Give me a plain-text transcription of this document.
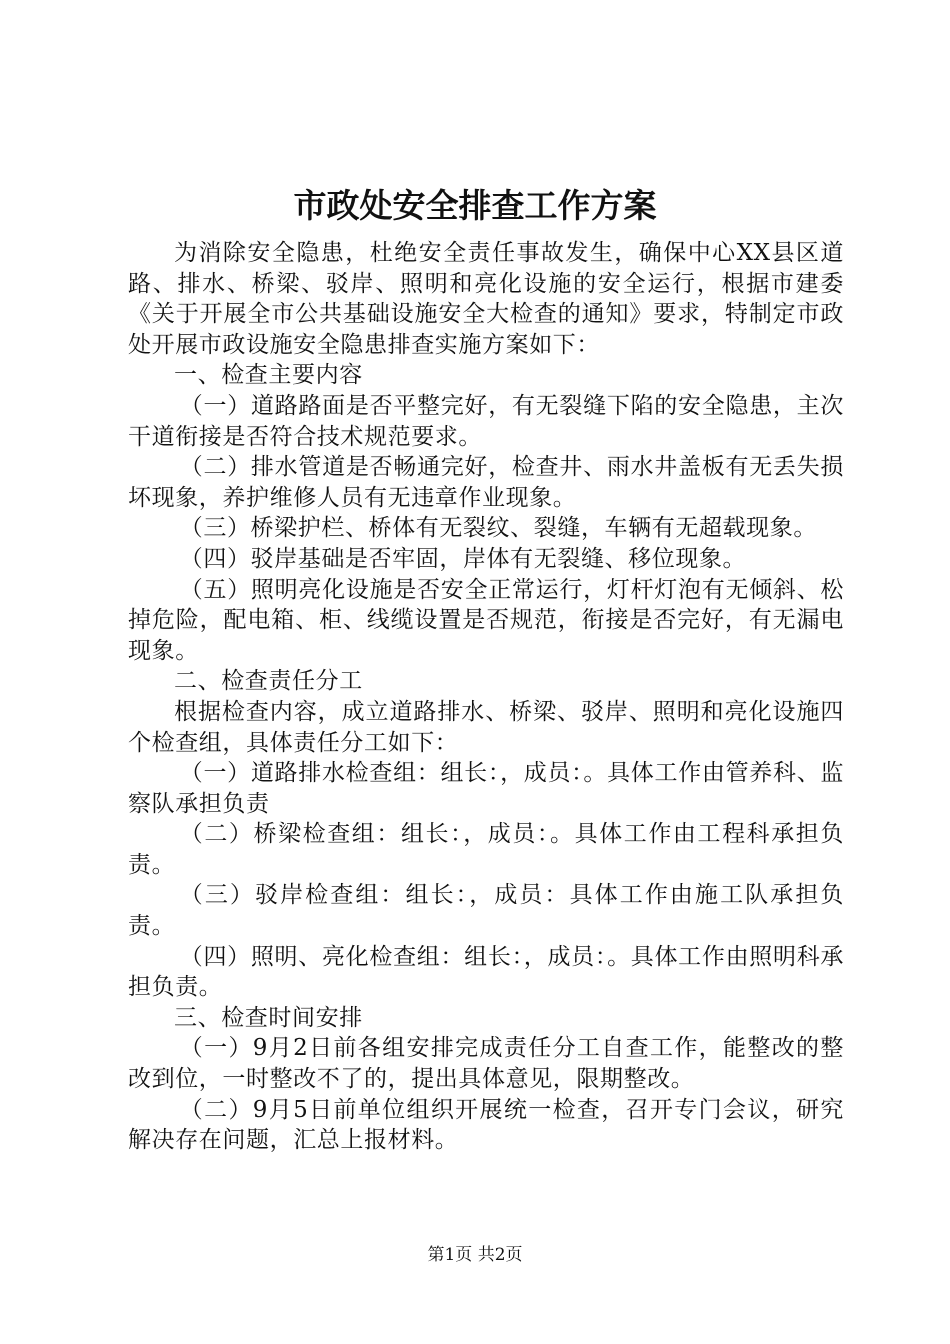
市政处安全排查工作方案

为消除安全隐患，杜绝安全责任事故发生，确保中心XX县区道路、排水、桥梁、驳岸、照明和亮化设施的安全运行，根据市建委《关于开展全市公共基础设施安全大检查的通知》要求，特制定市政处开展市政设施安全隐患排查实施方案如下：

一、检查主要内容

（一）道路路面是否平整完好，有无裂缝下陷的安全隐患，主次干道衔接是否符合技术规范要求。

（二）排水管道是否畅通完好，检查井、雨水井盖板有无丢失损坏现象，养护维修人员有无违章作业现象。

（三）桥梁护栏、桥体有无裂纹、裂缝，车辆有无超载现象。

（四）驳岸基础是否牢固，岸体有无裂缝、移位现象。

（五）照明亮化设施是否安全正常运行，灯杆灯泡有无倾斜、松掉危险，配电箱、柜、线缆设置是否规范，衔接是否完好，有无漏电现象。

二、检查责任分工

根据检查内容，成立道路排水、桥梁、驳岸、照明和亮化设施四个检查组，具体责任分工如下：

（一）道路排水检查组：组长：，成员：。具体工作由管养科、监察队承担负责

（二）桥梁检查组：组长：，成员：。具体工作由工程科承担负责。

（三）驳岸检查组：组长：，成员：具体工作由施工队承担负责。

（四）照明、亮化检查组：组长：，成员：。具体工作由照明科承担负责。

三、检查时间安排

（一）9月2日前各组安排完成责任分工自查工作，能整改的整改到位，一时整改不了的，提出具体意见，限期整改。

（二）9月5日前单位组织开展统一检查，召开专门会议，研究解决存在问题，汇总上报材料。

第1页 共2页
